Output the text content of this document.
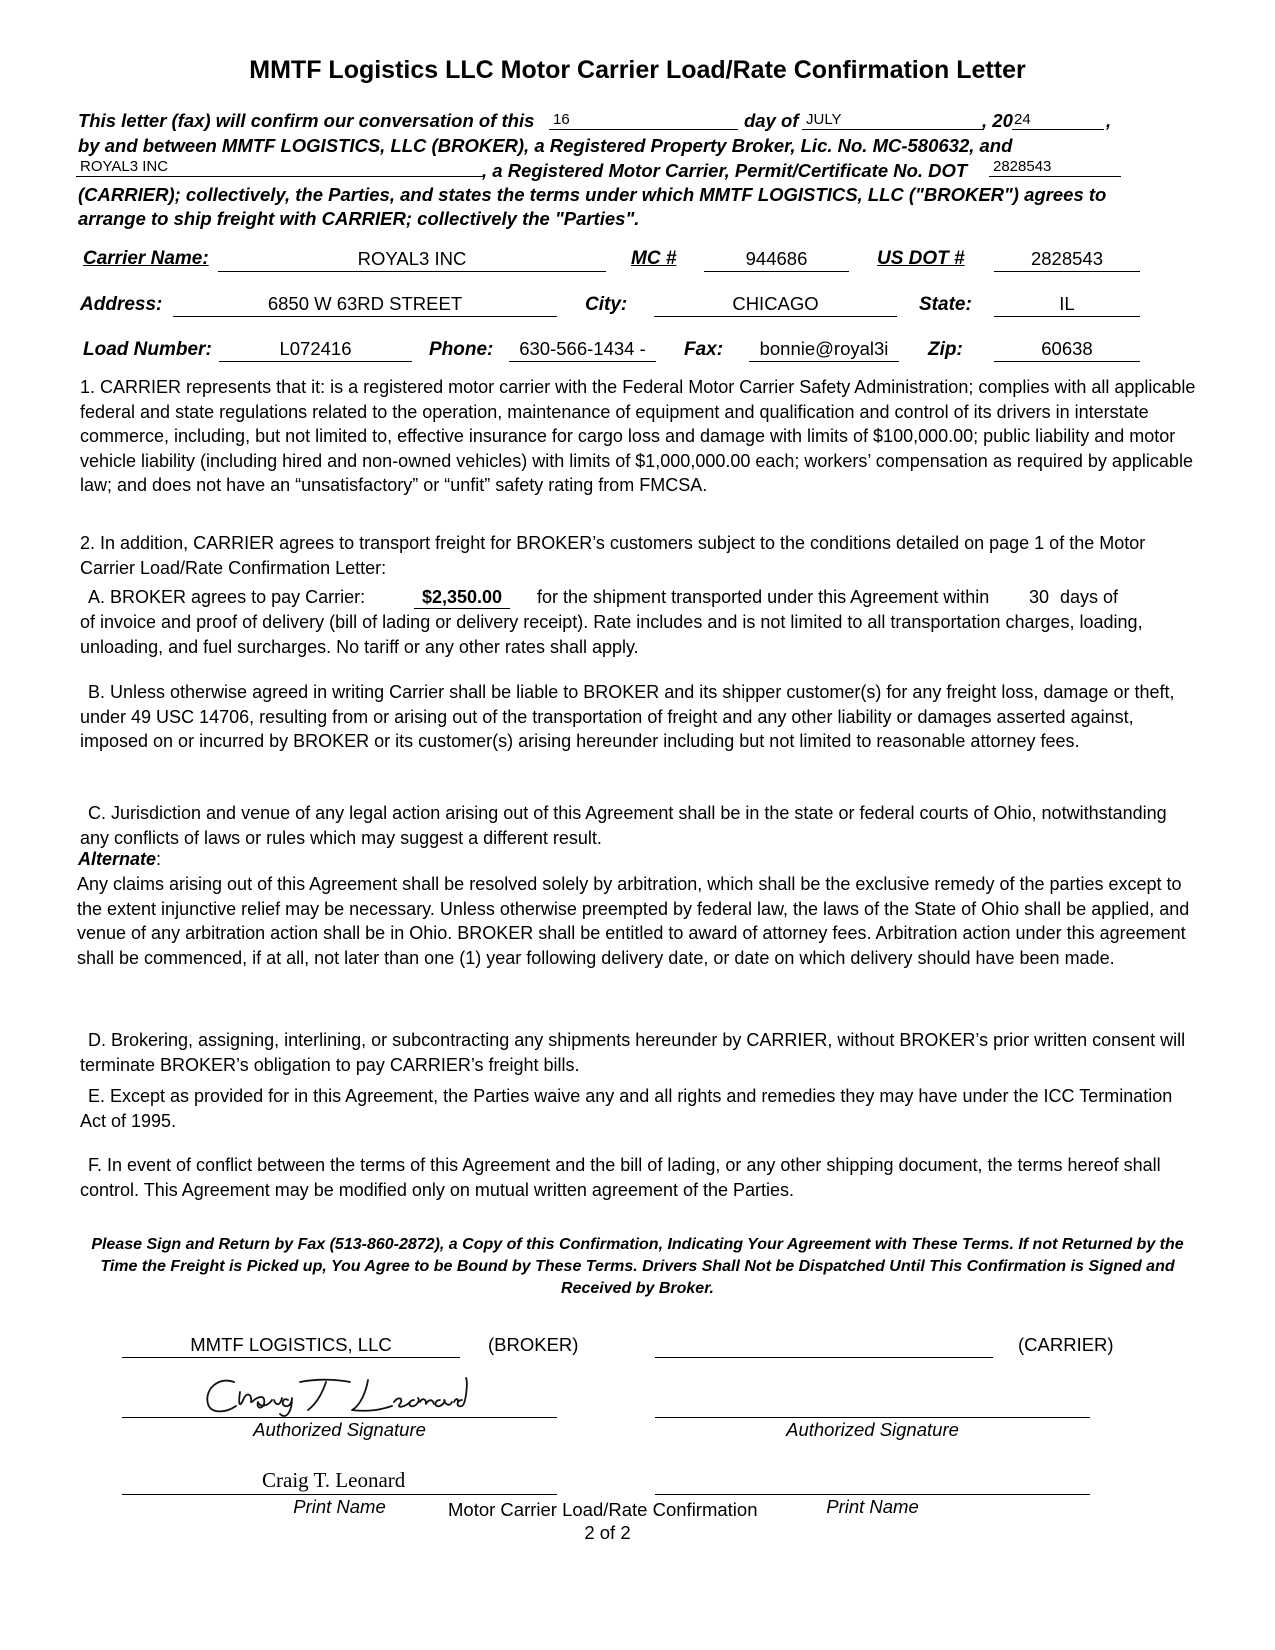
MMTF Logistics LLC Motor Carrier Load/Rate Confirmation Letter
This letter (fax) will confirm our conversation of this 16	day of JULY	, 20 24	,
by and between MMTF LOGISTICS, LLC (BROKER), a Registered Property Broker, Lic. No. MC-580632, and
ROYAL3 INC	, a Registered Motor Carrier, Permit/Certificate No. DOT 2828543
(CARRIER); collectively, the Parties, and states the terms under which MMTF LOGISTICS, LLC ("BROKER") agrees to
arrange to ship freight with CARRIER; collectively the "Parties".
Carrier Name:	ROYAL3 INC	MC #	944686	US DOT #	2828543
Address:	6850 W 63RD STREET	City:	CHICAGO	State:	IL
Load Number:	L072416	Phone:	630-566-1434 -	Fax:	bonnie@royal3i	Zip:	60638
1. CARRIER represents that it: is a registered motor carrier with the Federal Motor Carrier Safety Administration; complies with all applicable federal and state regulations related to the operation, maintenance of equipment and qualification and control of its drivers in interstate commerce, including, but not limited to, effective insurance for cargo loss and damage with limits of $100,000.00; public liability and motor vehicle liability (including hired and non-owned vehicles) with limits of $1,000,000.00 each; workers’ compensation as required by applicable law; and does not have an “unsatisfactory” or “unfit” safety rating from FMCSA.
2. In addition, CARRIER agrees to transport freight for BROKER’s customers subject to the conditions detailed on page 1 of the Motor Carrier Load/Rate Confirmation Letter:
A. BROKER agrees to pay Carrier:	$2,350.00	for the shipment transported under this Agreement within 30 days of
of invoice and proof of delivery (bill of lading or delivery receipt). Rate includes and is not limited to all transportation charges, loading, unloading, and fuel surcharges. No tariff or any other rates shall apply.
B. Unless otherwise agreed in writing Carrier shall be liable to BROKER and its shipper customer(s) for any freight loss, damage or theft, under 49 USC 14706, resulting from or arising out of the transportation of freight and any other liability or damages asserted against, imposed on or incurred by BROKER or its customer(s) arising hereunder including but not limited to reasonable attorney fees.
C. Jurisdiction and venue of any legal action arising out of this Agreement shall be in the state or federal courts of Ohio, notwithstanding any conflicts of laws or rules which may suggest a different result.
Alternate:
Any claims arising out of this Agreement shall be resolved solely by arbitration, which shall be the exclusive remedy of the parties except to the extent injunctive relief may be necessary. Unless otherwise preempted by federal law, the laws of the State of Ohio shall be applied, and venue of any arbitration action shall be in Ohio. BROKER shall be entitled to award of attorney fees. Arbitration action under this agreement shall be commenced, if at all, not later than one (1) year following delivery date, or date on which delivery should have been made.
D. Brokering, assigning, interlining, or subcontracting any shipments hereunder by CARRIER, without BROKER’s prior written consent will terminate BROKER’s obligation to pay CARRIER’s freight bills.
E. Except as provided for in this Agreement, the Parties waive any and all rights and remedies they may have under the ICC Termination Act of 1995.
F. In event of conflict between the terms of this Agreement and the bill of lading, or any other shipping document, the terms hereof shall control. This Agreement may be modified only on mutual written agreement of the Parties.
Please Sign and Return by Fax (513-860-2872), a Copy of this Confirmation, Indicating Your Agreement with These Terms. If not Returned by the Time the Freight is Picked up, You Agree to be Bound by These Terms. Drivers Shall Not be Dispatched Until This Confirmation is Signed and Received by Broker.
MMTF LOGISTICS, LLC	(BROKER)	(CARRIER)
Authorized Signature	Authorized Signature
Craig T. Leonard
Print Name	Print Name
Motor Carrier Load/Rate Confirmation
2 of 2
